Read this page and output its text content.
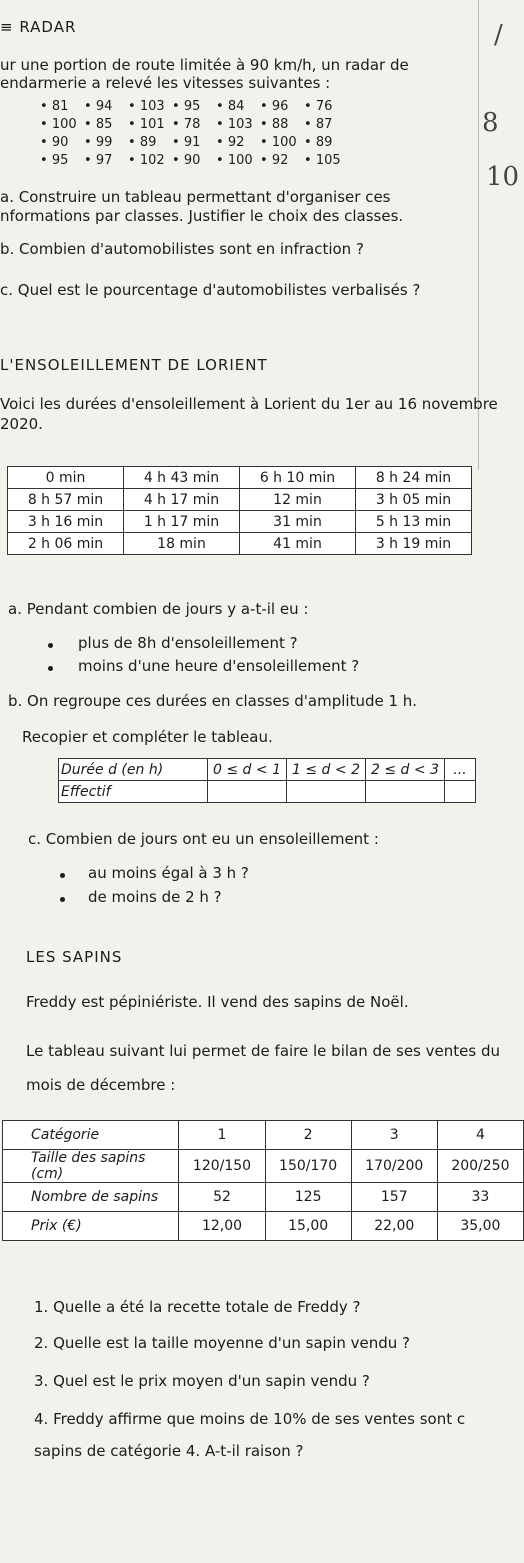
/
8
10
≡ RADAR
ur une portion de route limitée à 90 km/h, un radar de
endarmerie a relevé les vitesses suivantes :
• 81	• 94	• 103	• 95	• 84	• 96	• 76
• 100	• 85	• 101	• 78	• 103	• 88	• 87
• 90	• 99	• 89	• 91	• 92	• 100	• 89
• 95	• 97	• 102	• 90	• 100	• 92	• 105
a. Construire un tableau permettant d'organiser ces
nformations par classes. Justifier le choix des classes.
b. Combien d'automobilistes sont en infraction ?
c. Quel est le pourcentage d'automobilistes verbalisés ?
L'ENSOLEILLEMENT DE LORIENT
Voici les durées d'ensoleillement à Lorient du 1er au 16 novembre
2020.
0 min	4 h 43 min	6 h 10 min	8 h 24 min
8 h 57 min	4 h 17 min	12 min	3 h 05 min
3 h 16 min	1 h 17 min	31 min	5 h 13 min
2 h 06 min	18 min	41 min	3 h 19 min
a. Pendant combien de jours y a-t-il eu :
plus de 8h d'ensoleillement ?
moins d'une heure d'ensoleillement ?
b. On regroupe ces durées en classes d'amplitude 1 h.
Recopier et compléter le tableau.
Durée d (en h)	0 ≤ d < 1	1 ≤ d < 2	2 ≤ d < 3	...
Effectif				
c. Combien de jours ont eu un ensoleillement :
au moins égal à 3 h ?
de moins de 2 h ?
LES SAPINS
Freddy est pépiniériste. Il vend des sapins de Noël.
Le tableau suivant lui permet de faire le bilan de ses ventes du
mois de décembre :
Catégorie	1	2	3	4
Taille des sapins (cm)	120/150	150/170	170/200	200/250
Nombre de sapins	52	125	157	33
Prix (€)	12,00	15,00	22,00	35,00
1. Quelle a été la recette totale de Freddy ?
2. Quelle est la taille moyenne d'un sapin vendu ?
3. Quel est le prix moyen d'un sapin vendu ?
4. Freddy affirme que moins de 10% de ses ventes sont c
sapins de catégorie 4. A-t-il raison ?
